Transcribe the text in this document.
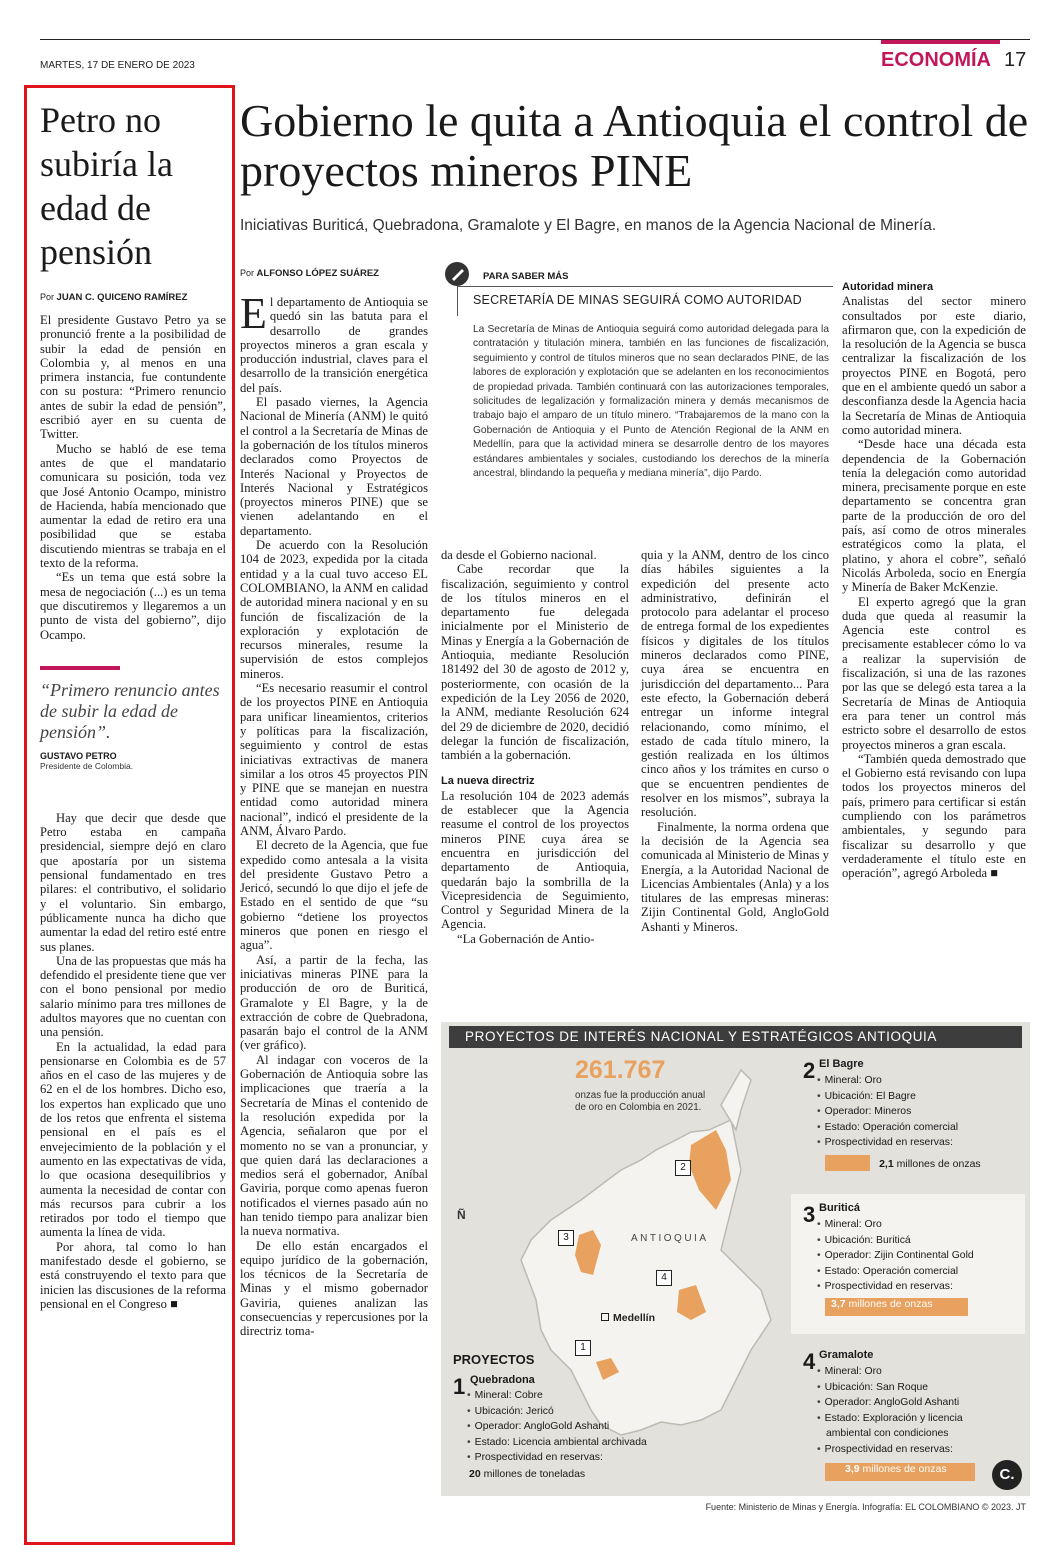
MARTES, 17 DE ENERO DE 2023	ECONOMÍA 17
Petro no subiría la edad de pensión
Por JUAN C. QUICENO RAMÍREZ

El presidente Gustavo Petro ya se pronunció frente a la posibilidad de subir la edad de pensión en Colombia y, al menos en una primera instancia, fue contundente con su postura: “Primero renuncio antes de subir la edad de pensión”, escribió ayer en su cuenta de Twitter.

Mucho se habló de ese tema antes de que el mandatario comunicara su posición, toda vez que José Antonio Ocampo, ministro de Hacienda, había mencionado que aumentar la edad de retiro era una posibilidad que se estaba discutiendo mientras se trabaja en el texto de la reforma.

“Es un tema que está sobre la mesa de negociación (...) es un tema que discutiremos y llegaremos a un punto de vista del gobierno”, dijo Ocampo.

“Primero renuncio antes de subir la edad de pensión”.
GUSTAVO PETRO
Presidente de Colombia.

Hay que decir que desde que Petro estaba en campaña presidencial, siempre dejó en claro que apostaría por un sistema pensional fundamentado en tres pilares: el contributivo, el solidario y el voluntario. Sin embargo, públicamente nunca ha dicho que aumentar la edad del retiro esté entre sus planes.

Una de las propuestas que más ha defendido el presidente tiene que ver con el bono pensional por medio salario mínimo para tres millones de adultos mayores que no cuentan con una pensión.

En la actualidad, la edad para pensionarse en Colombia es de 57 años en el caso de las mujeres y de 62 en el de los hombres. Dicho eso, los expertos han explicado que uno de los retos que enfrenta el sistema pensional en el país es el envejecimiento de la población y el aumento en las expectativas de vida, lo que ocasiona desequilibrios y aumenta la necesidad de contar con más recursos para cubrir a los retirados por todo el tiempo que aumenta la línea de vida.

Por ahora, tal como lo han manifestado desde el gobierno, se está construyendo el texto para que inicien las discusiones de la reforma pensional en el Congreso ■

Gobierno le quita a Antioquia el control de proyectos mineros PINE
Iniciativas Buriticá, Quebradona, Gramalote y El Bagre, en manos de la Agencia Nacional de Minería.
Por ALFONSO LÓPEZ SUÁREZ

El departamento de Antioquia se quedó sin las batuta para el desarrollo de grandes proyectos mineros a gran escala y producción industrial, claves para el desarrollo de la transición energética del país.

El pasado viernes, la Agencia Nacional de Minería (ANM) le quitó el control a la Secretaría de Minas de la gobernación de los títulos mineros declarados como Proyectos de Interés Nacional y Proyectos de Interés Nacional y Estratégicos (proyectos mineros PINE) que se vienen adelantando en el departamento.

De acuerdo con la Resolución 104 de 2023, expedida por la citada entidad y a la cual tuvo acceso EL COLOMBIANO, la ANM en calidad de autoridad minera nacional y en su función de fiscalización de la exploración y explotación de recursos minerales, resume la supervisión de estos complejos mineros.

“Es necesario reasumir el control de los proyectos PINE en Antioquia para unificar lineamientos, criterios y políticas para la fiscalización, seguimiento y control de estas iniciativas extractivas de manera similar a los otros 45 proyectos PIN y PINE que se manejan en nuestra entidad como autoridad minera nacional”, indicó el presidente de la ANM, Álvaro Pardo.

El decreto de la Agencia, que fue expedido como antesala a la visita del presidente Gustavo Petro a Jericó, secundó lo que dijo el jefe de Estado en el sentido de que “su gobierno “detiene los proyectos mineros que ponen en riesgo el agua”.

Así, a partir de la fecha, las iniciativas mineras PINE para la producción de oro de Buriticá, Gramalote y El Bagre, y la de extracción de cobre de Quebradona, pasarán bajo el control de la ANM (ver gráfico).

Al indagar con voceros de la Gobernación de Antioquia sobre las implicaciones que traería a la Secretaría de Minas el contenido de la resolución expedida por la Agencia, señalaron que por el momento no se van a pronunciar, y que quien dará las declaraciones a medios será el gobernador, Aníbal Gaviria, porque como apenas fueron notificados el viernes pasado aún no han tenido tiempo para analizar bien la nueva normativa.

De ello están encargados el equipo jurídico de la gobernación, los técnicos de la Secretaría de Minas y el mismo gobernador Gaviria, quienes analizan las consecuencias y repercusiones por la directriz toma-

PARA SABER MÁS
SECRETARÍA DE MINAS SEGUIRÁ COMO AUTORIDAD
La Secretaría de Minas de Antioquia seguirá como autoridad delegada para la contratación y titulación minera, también en las funciones de fiscalización, seguimiento y control de títulos mineros que no sean declarados PINE, de las labores de exploración y explotación que se adelanten en los reconocimientos de propiedad privada. También continuará con las autorizaciones temporales, solicitudes de legalización y formalización minera y demás mecanismos de trabajo bajo el amparo de un título minero. “Trabajaremos de la mano con la Gobernación de Antioquia y el Punto de Atención Regional de la ANM en Medellín, para que la actividad minera se desarrolle dentro de los mayores estándares ambientales y sociales, custodiando los derechos de la minería ancestral, blindando la pequeña y mediana minería”, dijo Pardo.

da desde el Gobierno nacional.

Cabe recordar que la fiscalización, seguimiento y control de los títulos mineros en el departamento fue delegada inicialmente por el Ministerio de Minas y Energía a la Gobernación de Antioquia, mediante Resolución 181492 del 30 de agosto de 2012 y, posteriormente, con ocasión de la expedición de la Ley 2056 de 2020, la ANM, mediante Resolución 624 del 29 de diciembre de 2020, decidió delegar la función de fiscalización, también a la gobernación.

La nueva directriz

La resolución 104 de 2023 además de establecer que la Agencia reasume el control de los proyectos mineros PINE cuya área se encuentra en jurisdicción del departamento de Antioquia, quedarán bajo la sombrilla de la Vicepresidencia de Seguimiento, Control y Seguridad Minera de la Agencia.

“La Gobernación de Antio-

quia y la ANM, dentro de los cinco días hábiles siguientes a la expedición del presente acto administrativo, definirán el protocolo para adelantar el proceso de entrega formal de los expedientes físicos y digitales de los títulos mineros declarados como PINE, cuya área se encuentra en jurisdicción del departamento... Para este efecto, la Gobernación deberá entregar un informe integral relacionando, como mínimo, el estado de cada título minero, la gestión realizada en los últimos cinco años y los trámites en curso o que se encuentren pendientes de resolver en los mismos”, subraya la resolución.

Finalmente, la norma ordena que la decisión de la Agencia sea comunicada al Ministerio de Minas y Energía, a la Autoridad Nacional de Licencias Ambientales (Anla) y a los titulares de las empresas mineras: Zijin Continental Gold, AngloGold Ashanti y Mineros.

Autoridad minera

Analistas del sector minero consultados por este diario, afirmaron que, con la expedición de la resolución de la Agencia se busca centralizar la fiscalización de los proyectos PINE en Bogotá, pero que en el ambiente quedó un sabor a desconfianza desde la Agencia hacia la Secretaría de Minas de Antioquia como autoridad minera.

“Desde hace una década esta dependencia de la Gobernación tenía la delegación como autoridad minera, precisamente porque en este departamento se concentra gran parte de la producción de oro del país, así como de otros minerales estratégicos como la plata, el platino, y ahora el cobre”, señaló Nicolás Arboleda, socio en Energía y Minería de Baker McKenzie.

El experto agregó que la gran duda que queda al reasumir la Agencia este control es precisamente establecer cómo lo va a realizar la supervisión de fiscalización, si una de las razones por las que se delegó esta tarea a la Secretaría de Minas de Antioquia era para tener un control más estricto sobre el desarrollo de estos proyectos mineros a gran escala.

“También queda demostrado que el Gobierno está revisando con lupa todos los proyectos mineros del país, primero para certificar si están cumpliendo con los parámetros ambientales, y segundo para fiscalizar su desarrollo y que verdaderamente el título este en operación”, agregó Arboleda ■

PROYECTOS DE INTERÉS NACIONAL Y ESTRATÉGICOS ANTIOQUIA
2
3
4
1
ANTIOQUIA
Medellín
Ñ
261.767
onzas fue la producción anual de oro en Colombia en 2021.
PROYECTOS
1 Quebradona
• Mineral: Cobre
• Ubicación: Jericó
• Operador: AngloGold Ashanti
• Estado: Licencia ambiental archivada
• Prospectividad en reservas:
20 millones de toneladas
2 El Bagre
• Mineral: Oro
• Ubicación: El Bagre
• Operador: Mineros
• Estado: Operación comercial
• Prospectividad en reservas:
2,1 millones de onzas
3 Buriticá
• Mineral: Oro
• Ubicación: Buriticá
• Operador: Zijin Continental Gold
• Estado: Operación comercial
• Prospectividad en reservas:
3,7 millones de onzas
4 Gramalote
• Mineral: Oro
• Ubicación: San Roque
• Operador: AngloGold Ashanti
• Estado: Exploración y licencia
ambiental con condiciones
• Prospectividad en reservas:
3,9 millones de onzas	C.
Fuente: Ministerio de Minas y Energía. Infografía: EL COLOMBIANO © 2023. JT
